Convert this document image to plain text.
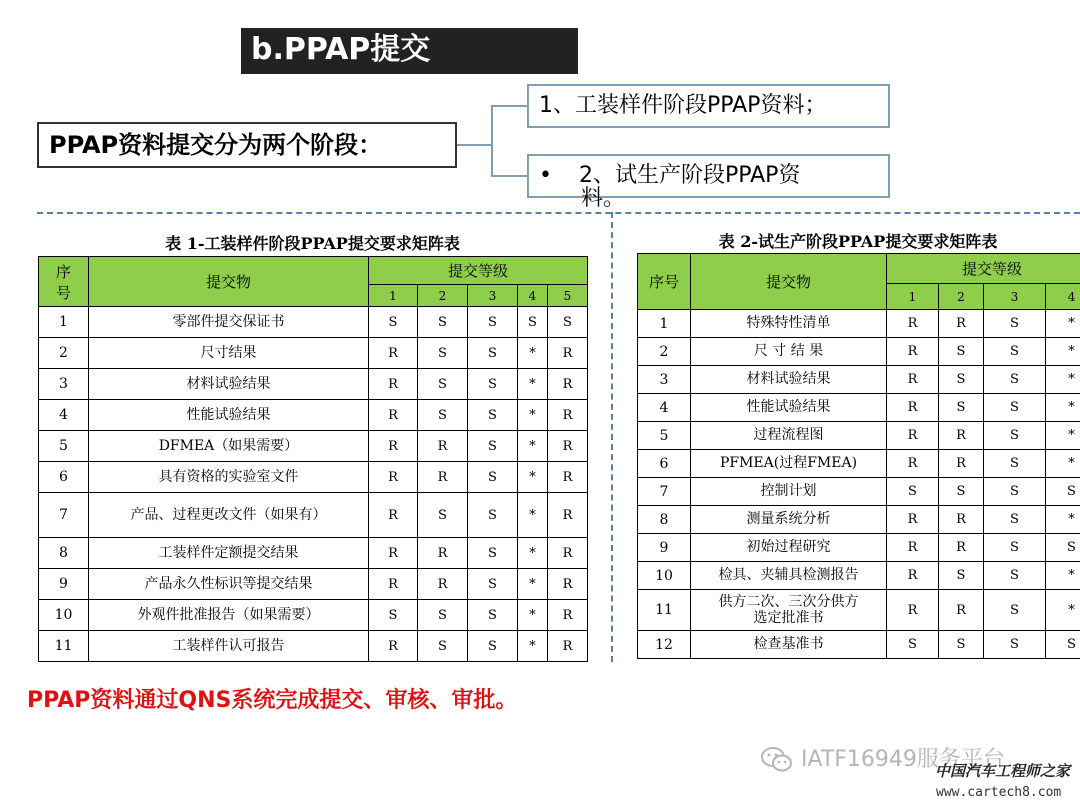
b.PPAP提交
PPAP资料提交分为两个阶段：
1、工装样件阶段PPAP资料；
• 2、试生产阶段PPAP资
料。
表 1-工装样件阶段PPAP提交要求矩阵表	表 2-试生产阶段PPAP提交要求矩阵表
序号	提交物	提交等级				
		1	2	3	4	5
1	零部件提交保证书	S	S	S	S	S
2	尺寸结果	R	S	S	*	R
3	材料试验结果	R	S	S	*	R
4	性能试验结果	R	S	S	*	R
5	DFMEA（如果需要）	R	R	S	*	R
6	具有资格的实验室文件	R	R	S	*	R
7	产品、过程更改文件（如果有）	R	S	S	*	R
8	工装样件定额提交结果	R	R	S	*	R
9	产品永久性标识等提交结果	R	R	S	*	R
10	外观件批准报告（如果需要）	S	S	S	*	R
11	工装样件认可报告	R	S	S	*	R
序号	提交物	提交等级			
		1	2	3	4
1	特殊特性清单	R	R	S	*
2	尺 寸 结 果	R	S	S	*
3	材料试验结果	R	S	S	*
4	性能试验结果	R	S	S	*
5	过程流程图	R	R	S	*
6	PFMEA(过程FMEA)	R	R	S	*
7	控制计划	S	S	S	S
8	测量系统分析	R	R	S	*
9	初始过程研究	R	R	S	S
10	检具、夹辅具检测报告	R	S	S	*
11	供方二次、三次分供方
选定批准书	R	R	S	*
12	检查基准书	S	S	S	S
PPAP资料通过QNS系统完成提交、审核、审批。
IATF16949服务平台
中国汽车工程师之家
www.cartech8.com
